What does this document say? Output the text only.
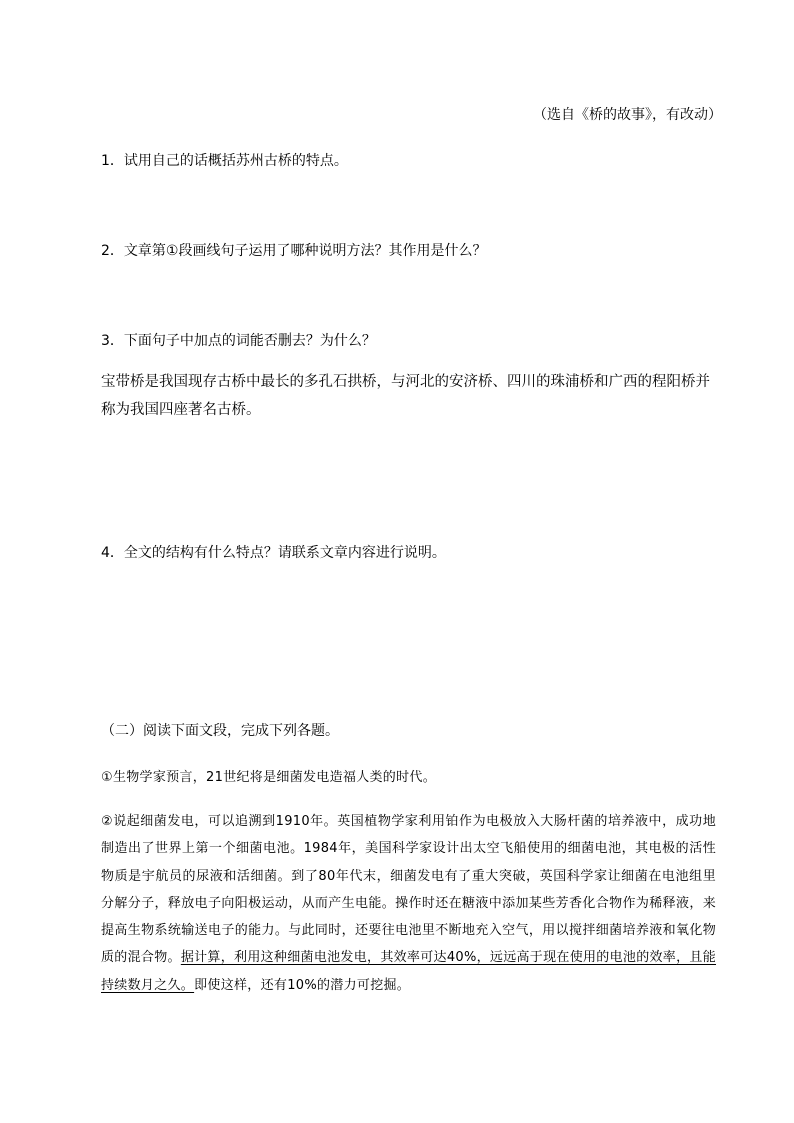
（选自《桥的故事》，有改动）
1．试用自己的话概括苏州古桥的特点。
2．文章第①段画线句子运用了哪种说明方法？其作用是什么？
3．下面句子中加点的词能否删去？为什么？
宝带桥是我国现存古桥中最长的多孔石拱桥，与河北的安济桥、四川的珠浦桥和广西的程阳桥并称为我国四座著名古桥。
4．全文的结构有什么特点？请联系文章内容进行说明。
（二）阅读下面文段，完成下列各题。
①生物学家预言，21世纪将是细菌发电造福人类的时代。
②说起细菌发电，可以追溯到1910年。英国植物学家利用铂作为电极放入大肠杆菌的培养液中，成功地制造出了世界上第一个细菌电池。1984年，美国科学家设计出太空飞船使用的细菌电池，其电极的活性物质是宇航员的尿液和活细菌。到了80年代末，细菌发电有了重大突破，英国科学家让细菌在电池组里分解分子，释放电子向阳极运动，从而产生电能。操作时还在糖液中添加某些芳香化合物作为稀释液，来提高生物系统输送电子的能力。与此同时，还要往电池里不断地充入空气，用以搅拌细菌培养液和氧化物质的混合物。据计算，利用这种细菌电池发电，其效率可达40%，远远高于现在使用的电池的效率，且能持续数月之久。即使这样，还有10%的潜力可挖掘。
